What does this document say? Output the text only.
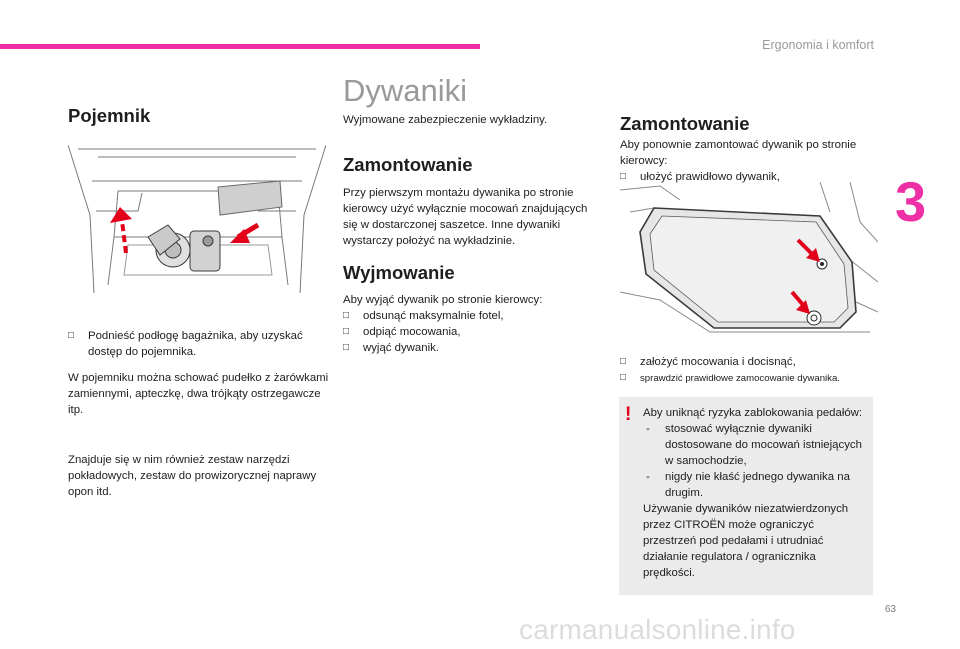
Ergonomia i komfort
3
Pojemnik
□ Podnieść podłogę bagażnika, aby uzyskać dostęp do pojemnika.

W pojemniku można schować pudełko z żarówkami zamiennymi, apteczkę, dwa trójkąty ostrzegawcze itp.

Znajduje się w nim również zestaw narzędzi pokładowych, zestaw do prowizorycznej naprawy opon itd.

Dywaniki

Wyjmowane zabezpieczenie wykładziny.

Zamontowanie

Przy pierwszym montażu dywanika po stronie kierowcy użyć wyłącznie mocowań znajdujących się w dostarczonej saszetce. Inne dywaniki wystarczy położyć na wykładzinie.

Wyjmowanie

Aby wyjąć dywanik po stronie kierowcy:

□ odsunąć maksymalnie fotel,
□ odpiąć mocowania,
□ wyjąć dywanik.
Zamontowanie

Aby ponownie zamontować dywanik po stronie kierowcy:

□ ułożyć prawidłowo dywanik,
□ założyć mocowania i docisnąć,
□ sprawdzić prawidłowe zamocowanie dywanika.
! Aby uniknąć ryzyka zablokowania pedałów:

- stosować wyłącznie dywaniki dostosowane do mocowań istniejących w samochodzie,
- nigdy nie kłaść jednego dywanika na drugim.

Używanie dywaników niezatwierdzonych przez CITROËN może ograniczyć przestrzeń pod pedałami i utrudniać działanie regulatora / ogranicznika prędkości.

63
carmanualsonline.info
